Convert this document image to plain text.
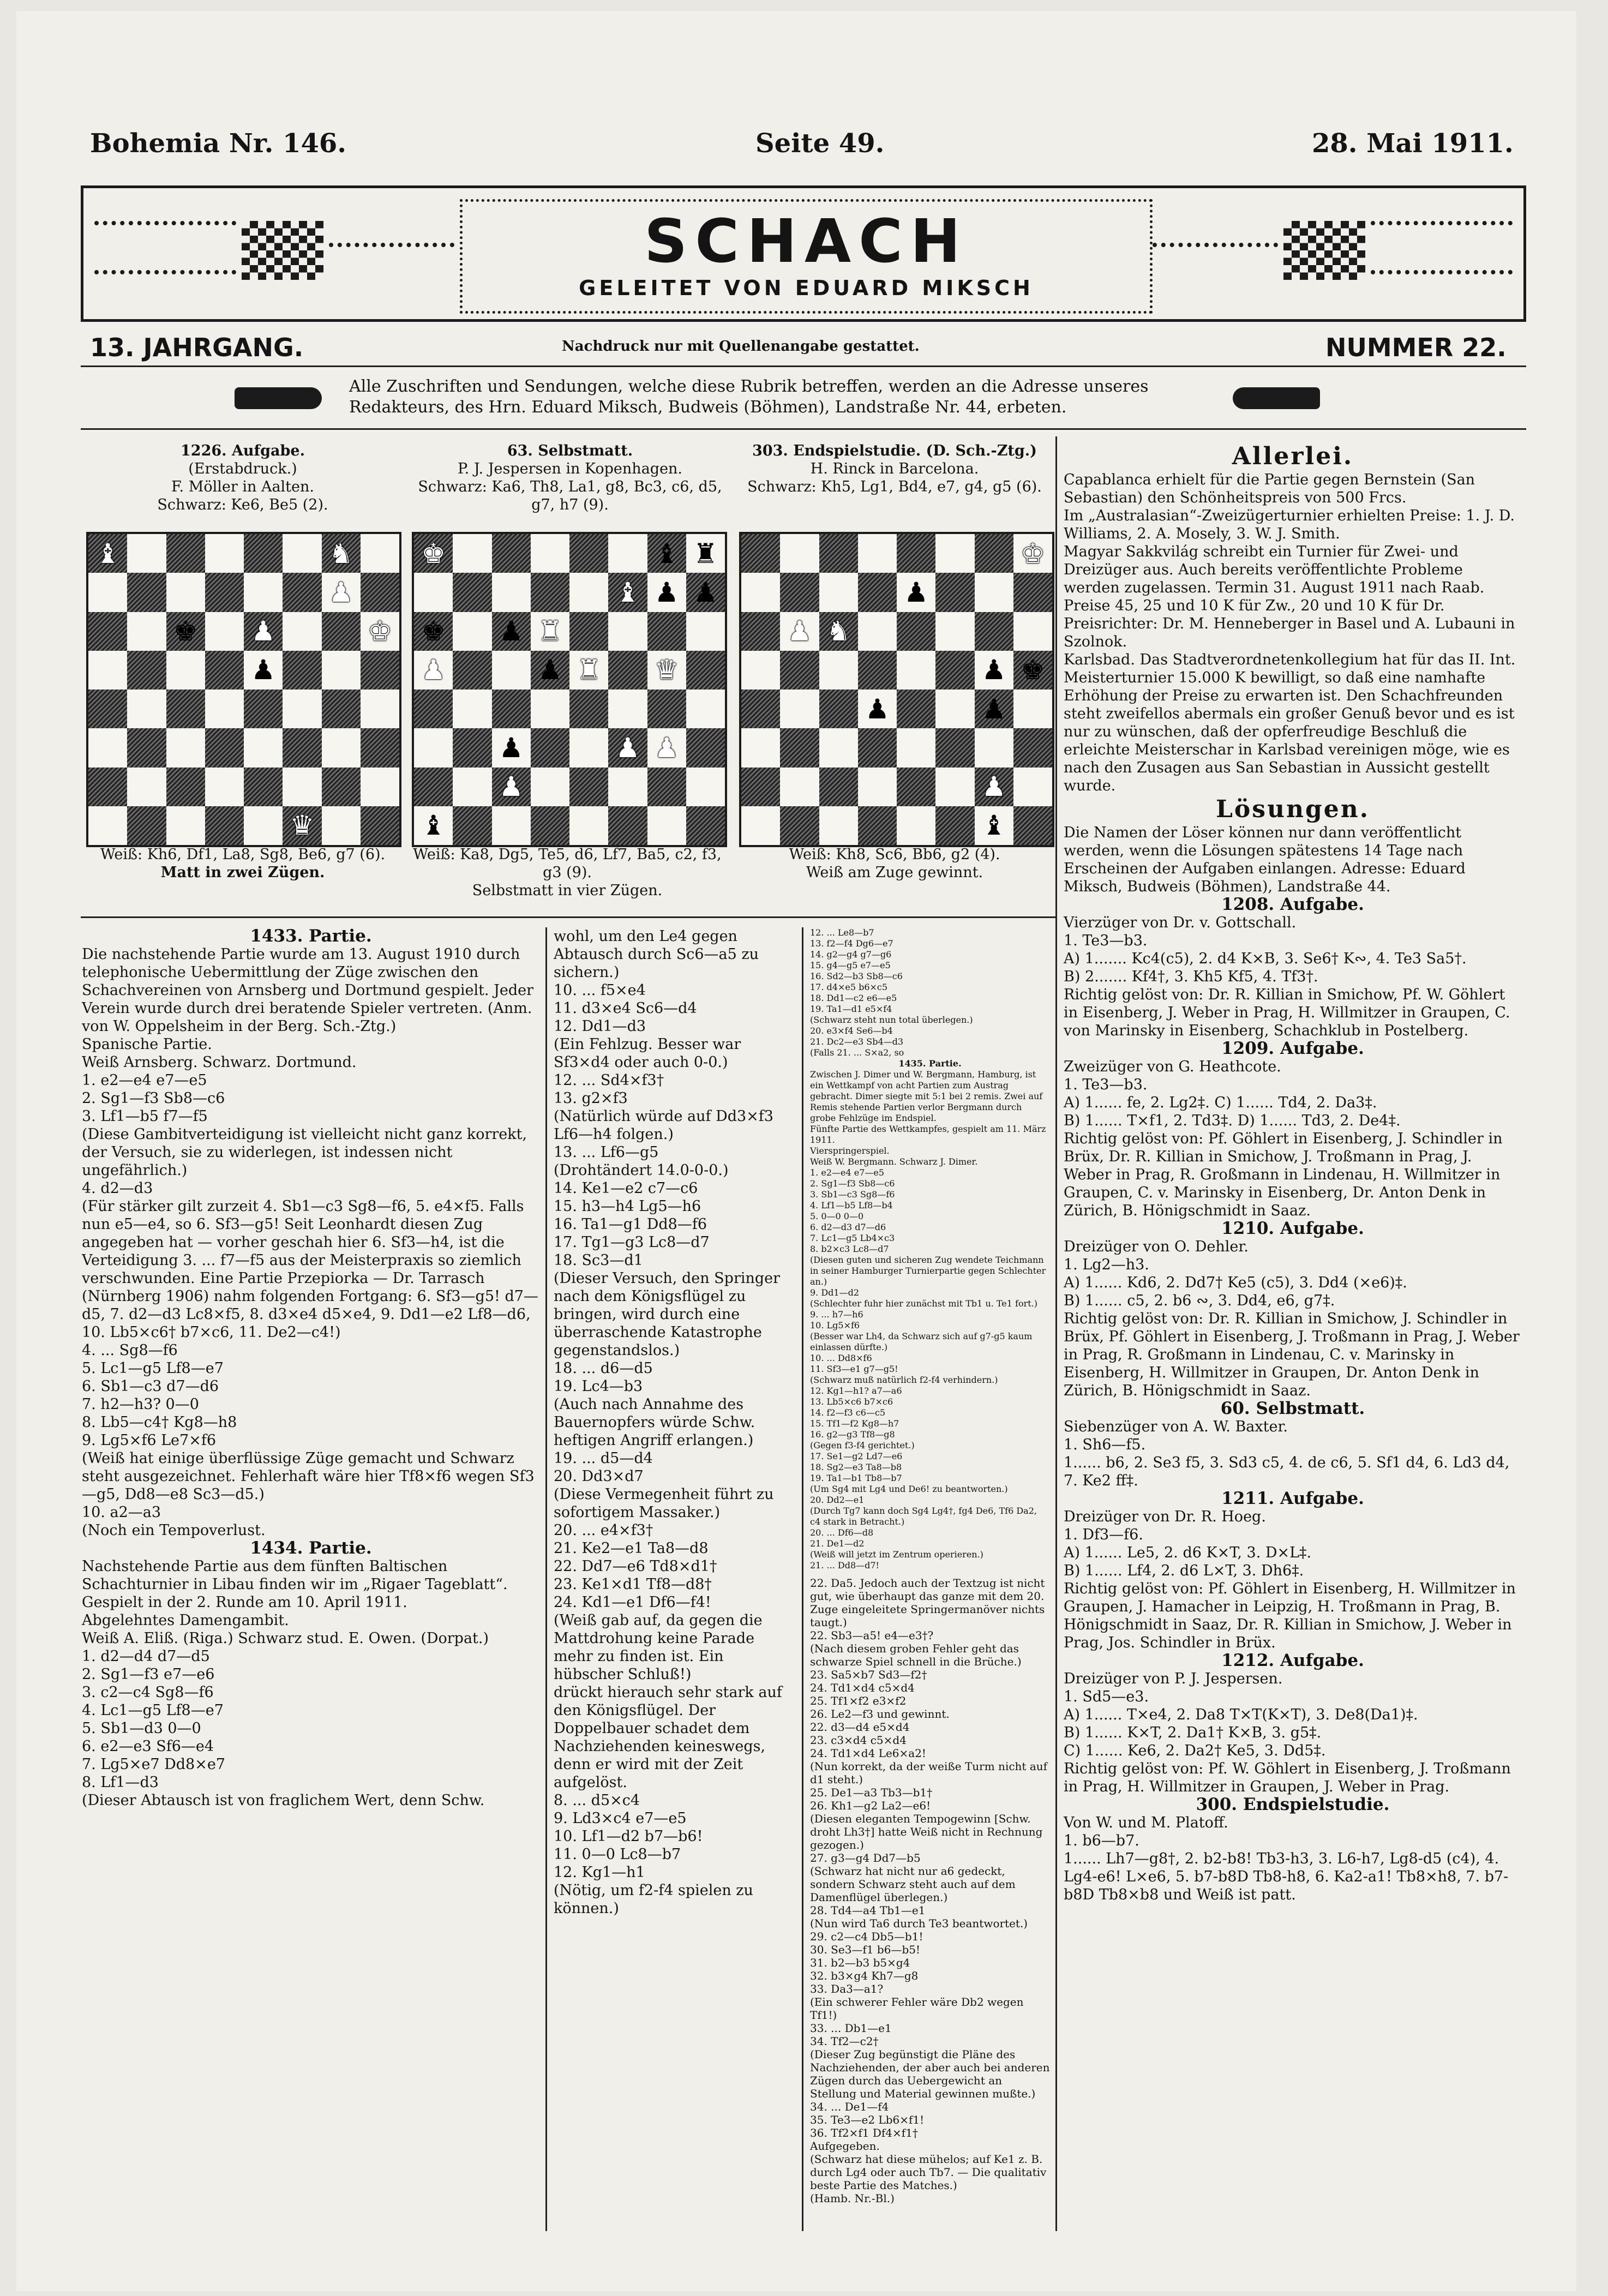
Bohemia Nr. 146.	Seite 49.	28. Mai 1911.
SCHACH
GELEITET VON EDUARD MIKSCH
13. JAHRGANG.	Nachdruck nur mit Quellenangabe gestattet.	NUMMER 22.
Alle Zuschriften und Sendungen, welche diese Rubrik betreffen, werden an die Adresse unseres
Redakteurs, des Hrn. Eduard Miksch, Budweis (Böhmen), Landstraße Nr. 44, erbeten.

1226. Aufgabe.

(Erstabdruck.)

F. Möller in Aalten.

Schwarz: Ke6, Be5 (2).

♝	♞
♟
♚ ♟	♚
♟
♛

Weiß: Kh6, Df1, La8, Sg8, Be6, g7 (6).

Matt in zwei Zügen.

63. Selbstmatt.

P. J. Jespersen in Kopenhagen.

Schwarz: Ka6, Th8, La1, g8, Bc3, c6, d5, g7, h7 (9).

♚	♝ ♜
♝ ♟ ♟
♚ ♟ ♜
♟	♟ ♜ ♛
♟	♟ ♟
♟
♝

Weiß: Ka8, Dg5, Te5, d6, Lf7, Ba5, c2, f3, g3 (9).

Selbstmatt in vier Zügen.

303. Endspielstudie. (D. Sch.-Ztg.)

H. Rinck in Barcelona.

Schwarz: Kh5, Lg1, Bd4, e7, g4, g5 (6).

♚
♟
♟ ♞
♟ ♚
♟	♟
♟
♝

Weiß: Kh8, Sc6, Bb6, g2 (4).

Weiß am Zuge gewinnt.

1433. Partie.

Die nachstehende Partie wurde am 13. August 1910 durch telephonische Uebermittlung der Züge zwischen den Schachvereinen von Arnsberg und Dortmund gespielt. Jeder Verein wurde durch drei beratende Spieler vertreten. (Anm. von W. Oppelsheim in der Berg. Sch.-Ztg.)

Spanische Partie.

Weiß Arnsberg. Schwarz. Dortmund.

1. e2—e4 e7—e5

2. Sg1—f3 Sb8—c6

3. Lf1—b5 f7—f5

(Diese Gambitverteidigung ist vielleicht nicht ganz korrekt, der Versuch, sie zu widerlegen, ist indessen nicht ungefährlich.)

4. d2—d3

(Für stärker gilt zurzeit 4. Sb1—c3 Sg8—f6, 5. e4×f5. Falls nun e5—e4, so 6. Sf3—g5! Seit Leonhardt diesen Zug angegeben hat — vorher geschah hier 6. Sf3—h4, ist die Verteidigung 3. ... f7—f5 aus der Meisterpraxis so ziemlich verschwunden. Eine Partie Przepiorka — Dr. Tarrasch (Nürnberg 1906) nahm folgenden Fortgang: 6. Sf3—g5! d7—d5, 7. d2—d3 Lc8×f5, 8. d3×e4 d5×e4, 9. Dd1—e2 Lf8—d6, 10. Lb5×c6† b7×c6, 11. De2—c4!)

4. ... Sg8—f6

5. Lc1—g5 Lf8—e7

6. Sb1—c3 d7—d6

7. h2—h3? 0—0

8. Lb5—c4† Kg8—h8

9. Lg5×f6 Le7×f6

(Weiß hat einige überflüssige Züge gemacht und Schwarz steht ausgezeichnet. Fehlerhaft wäre hier Tf8×f6 wegen Sf3—g5, Dd8—e8 Sc3—d5.)

10. a2—a3

(Noch ein Tempoverlust.

1434. Partie.

Nachstehende Partie aus dem fünften Baltischen Schachturnier in Libau finden wir im „Rigaer Tageblatt“.

Gespielt in der 2. Runde am 10. April 1911.

Abgelehntes Damengambit.

Weiß A. Eliß. (Riga.) Schwarz stud. E. Owen. (Dorpat.)

1. d2—d4 d7—d5

2. Sg1—f3 e7—e6

3. c2—c4 Sg8—f6

4. Lc1—g5 Lf8—e7

5. Sb1—d3 0—0

6. e2—e3 Sf6—e4

7. Lg5×e7 Dd8×e7

8. Lf1—d3

(Dieser Abtausch ist von fraglichem Wert, denn Schw.

wohl, um den Le4 gegen Abtausch durch Sc6—a5 zu sichern.)

10. ... f5×e4

11. d3×e4 Sc6—d4

12. Dd1—d3

(Ein Fehlzug. Besser war Sf3×d4 oder auch 0-0.)

12. ... Sd4×f3†

13. g2×f3

(Natürlich würde auf Dd3×f3 Lf6—h4 folgen.)

13. ... Lf6—g5

(Drohtändert 14.0-0-0.)

14. Ke1—e2 c7—c6

15. h3—h4 Lg5—h6

16. Ta1—g1 Dd8—f6

17. Tg1—g3 Lc8—d7

18. Sc3—d1

(Dieser Versuch, den Springer nach dem Königsflügel zu bringen, wird durch eine überraschende Katastrophe gegenstandslos.)

18. ... d6—d5

19. Lc4—b3

(Auch nach Annahme des Bauernopfers würde Schw. heftigen Angriff erlangen.)

19. ... d5—d4

20. Dd3×d7

(Diese Vermegenheit führt zu sofortigem Massaker.)

20. ... e4×f3†

21. Ke2—e1 Ta8—d8

22. Dd7—e6 Td8×d1†

23. Ke1×d1 Tf8—d8†

24. Kd1—e1 Df6—f4!

(Weiß gab auf, da gegen die Mattdrohung keine Parade mehr zu finden ist. Ein hübscher Schluß!)

drückt hierauch sehr stark auf den Königsflügel. Der Doppelbauer schadet dem Nachziehenden keineswegs, denn er wird mit der Zeit aufgelöst.

8. ... d5×c4

9. Ld3×c4 e7—e5

10. Lf1—d2 b7—b6!

11. 0—0 Lc8—b7

12. Kg1—h1

(Nötig, um f2-f4 spielen zu können.)

12. ... Le8—b7

13. f2—f4 Dg6—e7

14. g2—g4 g7—g6

15. g4—g5 e7—e5

16. Sd2—b3 Sb8—c6

17. d4×e5 b6×c5

18. Dd1—c2 e6—e5

19. Ta1—d1 e5×f4

(Schwarz steht nun total überlegen.)

20. e3×f4 Se6—b4

21. Dc2—e3 Sb4—d3

(Falls 21. ... S×a2, so

1435. Partie.

Zwischen J. Dimer und W. Bergmann, Hamburg, ist ein Wettkampf von acht Partien zum Austrag gebracht. Dimer siegte mit 5:1 bei 2 remis. Zwei auf Remis stehende Partien verlor Bergmann durch grobe Fehlzüge im Endspiel.

Fünfte Partie des Wettkampfes, gespielt am 11. März 1911.

Vierspringerspiel.

Weiß W. Bergmann. Schwarz J. Dimer.

1. e2—e4 e7—e5

2. Sg1—f3 Sb8—c6

3. Sb1—c3 Sg8—f6

4. Lf1—b5 Lf8—b4

5. 0—0 0—0

6. d2—d3 d7—d6

7. Lc1—g5 Lb4×c3

8. b2×c3 Lc8—d7

(Diesen guten und sicheren Zug wendete Teichmann in seiner Hamburger Turnierpartie gegen Schlechter an.)

9. Dd1—d2

(Schlechter fuhr hier zunächst mit Tb1 u. Te1 fort.)

9. ... h7—h6

10. Lg5×f6

(Besser war Lh4, da Schwarz sich auf g7-g5 kaum einlassen dürfte.)

10. ... Dd8×f6

11. Sf3—e1 g7—g5!

(Schwarz muß natürlich f2-f4 verhindern.)

12. Kg1—h1? a7—a6

13. Lb5×c6 b7×c6

14. f2—f3 c6—c5

15. Tf1—f2 Kg8—h7

16. g2—g3 Tf8—g8

(Gegen f3-f4 gerichtet.)

17. Se1—g2 Ld7—e6

18. Sg2—e3 Ta8—b8

19. Ta1—b1 Tb8—b7

(Um Sg4 mit Lg4 und De6! zu beantworten.)

20. Dd2—e1

(Durch Tg7 kann doch Sg4 Lg4†, fg4 De6, Tf6 Da2, c4 stark in Betracht.)

20. ... Df6—d8

21. De1—d2

(Weiß will jetzt im Zentrum operieren.)

21. ... Dd8—d7!

22. Da5. Jedoch auch der Textzug ist nicht gut, wie überhaupt das ganze mit dem 20. Zuge eingeleitete Springermanöver nichts taugt.)

22. Sb3—a5! e4—e3†?

(Nach diesem groben Fehler geht das schwarze Spiel schnell in die Brüche.)

23. Sa5×b7 Sd3—f2†

24. Td1×d4 c5×d4

25. Tf1×f2 e3×f2

26. Le2—f3 und gewinnt.

22. d3—d4 e5×d4

23. c3×d4 c5×d4

24. Td1×d4 Le6×a2!

(Nun korrekt, da der weiße Turm nicht auf d1 steht.)

25. De1—a3 Tb3—b1†

26. Kh1—g2 La2—e6!

(Diesen eleganten Tempogewinn [Schw. droht Lh3†] hatte Weiß nicht in Rechnung gezogen.)

27. g3—g4 Dd7—b5

(Schwarz hat nicht nur a6 gedeckt, sondern Schwarz steht auch auf dem Damenflügel überlegen.)

28. Td4—a4 Tb1—e1

(Nun wird Ta6 durch Te3 beantwortet.)

29. c2—c4 Db5—b1!

30. Se3—f1 b6—b5!

31. b2—b3 b5×g4

32. b3×g4 Kh7—g8

33. Da3—a1?

(Ein schwerer Fehler wäre Db2 wegen Tf1!)

33. ... Db1—e1

34. Tf2—c2†

(Dieser Zug begünstigt die Pläne des Nachziehenden, der aber auch bei anderen Zügen durch das Uebergewicht an Stellung und Material gewinnen mußte.)

34. ... De1—f4

35. Te3—e2 Lb6×f1!

36. Tf2×f1 Df4×f1†

Aufgegeben.

(Schwarz hat diese mühelos; auf Ke1 z. B. durch Lg4 oder auch Tb7. — Die qualitativ beste Partie des Matches.)

(Hamb. Nr.-Bl.)

Allerlei.

Capablanca erhielt für die Partie gegen Bernstein (San Sebastian) den Schönheitspreis von 500 Frcs.

Im „Australasian“-Zweizügerturnier erhielten Preise: 1. J. D. Williams, 2. A. Mosely, 3. W. J. Smith.

Magyar Sakkvilág schreibt ein Turnier für Zwei- und Dreizüger aus. Auch bereits veröffentlichte Probleme werden zugelassen. Termin 31. August 1911 nach Raab. Preise 45, 25 und 10 K für Zw., 20 und 10 K für Dr. Preisrichter: Dr. M. Henneberger in Basel und A. Lubauni in Szolnok.

Karlsbad. Das Stadtverordnetenkollegium hat für das II. Int. Meisterturnier 15.000 K bewilligt, so daß eine namhafte Erhöhung der Preise zu erwarten ist. Den Schachfreunden steht zweifellos abermals ein großer Genuß bevor und es ist nur zu wünschen, daß der opferfreudige Beschluß die erleichte Meisterschar in Karlsbad vereinigen möge, wie es nach den Zusagen aus San Sebastian in Aussicht gestellt wurde.

Lösungen.

Die Namen der Löser können nur dann veröffentlicht werden, wenn die Lösungen spätestens 14 Tage nach Erscheinen der Aufgaben einlangen. Adresse: Eduard Miksch, Budweis (Böhmen), Landstraße 44.

1208. Aufgabe.

Vierzüger von Dr. v. Gottschall.

1. Te3—b3.

A) 1....... Kc4(c5), 2. d4 K×B, 3. Se6† K∾, 4. Te3 Sa5†.

B) 2....... Kf4†, 3. Kh5 Kf5, 4. Tf3†.

Richtig gelöst von: Dr. R. Killian in Smichow, Pf. W. Göhlert in Eisenberg, J. Weber in Prag, H. Willmitzer in Graupen, C. von Marinsky in Eisenberg, Schachklub in Postelberg.

1209. Aufgabe.

Zweizüger von G. Heathcote.

1. Te3—b3.

A) 1...... fe, 2. Lg2‡. C) 1...... Td4, 2. Da3‡.

B) 1...... T×f1, 2. Td3‡. D) 1...... Td3, 2. De4‡.

Richtig gelöst von: Pf. Göhlert in Eisenberg, J. Schindler in Brüx, Dr. R. Killian in Smichow, J. Troßmann in Prag, J. Weber in Prag, R. Großmann in Lindenau, H. Willmitzer in Graupen, C. v. Marinsky in Eisenberg, Dr. Anton Denk in Zürich, B. Hönigschmidt in Saaz.

1210. Aufgabe.

Dreizüger von O. Dehler.

1. Lg2—h3.

A) 1...... Kd6, 2. Dd7† Ke5 (c5), 3. Dd4 (×e6)‡.

B) 1...... c5, 2. b6 ∾, 3. Dd4, e6, g7‡.

Richtig gelöst von: Dr. R. Killian in Smichow, J. Schindler in Brüx, Pf. Göhlert in Eisenberg, J. Troßmann in Prag, J. Weber in Prag, R. Großmann in Lindenau, C. v. Marinsky in Eisenberg, H. Willmitzer in Graupen, Dr. Anton Denk in Zürich, B. Hönigschmidt in Saaz.

60. Selbstmatt.

Siebenzüger von A. W. Baxter.

1. Sh6—f5.

1...... b6, 2. Se3 f5, 3. Sd3 c5, 4. de c6, 5. Sf1 d4, 6. Ld3 d4, 7. Ke2 ff‡.

1211. Aufgabe.

Dreizüger von Dr. R. Hoeg.

1. Df3—f6.

A) 1...... Le5, 2. d6 K×T, 3. D×L‡.

B) 1...... Lf4, 2. d6 L×T, 3. Dh6‡.

Richtig gelöst von: Pf. Göhlert in Eisenberg, H. Willmitzer in Graupen, J. Hamacher in Leipzig, H. Troßmann in Prag, B. Hönigschmidt in Saaz, Dr. R. Killian in Smichow, J. Weber in Prag, Jos. Schindler in Brüx.

1212. Aufgabe.

Dreizüger von P. J. Jespersen.

1. Sd5—e3.

A) 1...... T×e4, 2. Da8 T×T(K×T), 3. De8(Da1)‡.

B) 1...... K×T, 2. Da1† K×B, 3. g5‡.

C) 1...... Ke6, 2. Da2† Ke5, 3. Dd5‡.

Richtig gelöst von: Pf. W. Göhlert in Eisenberg, J. Troßmann in Prag, H. Willmitzer in Graupen, J. Weber in Prag.

300. Endspielstudie.

Von W. und M. Platoff.

1. b6—b7.

1...... Lh7—g8†, 2. b2-b8! Tb3-h3, 3. L6-h7, Lg8-d5 (c4), 4. Lg4-e6! L×e6, 5. b7-b8D Tb8-h8, 6. Ka2-a1! Tb8×h8, 7. b7-b8D Tb8×b8 und Weiß ist patt.
